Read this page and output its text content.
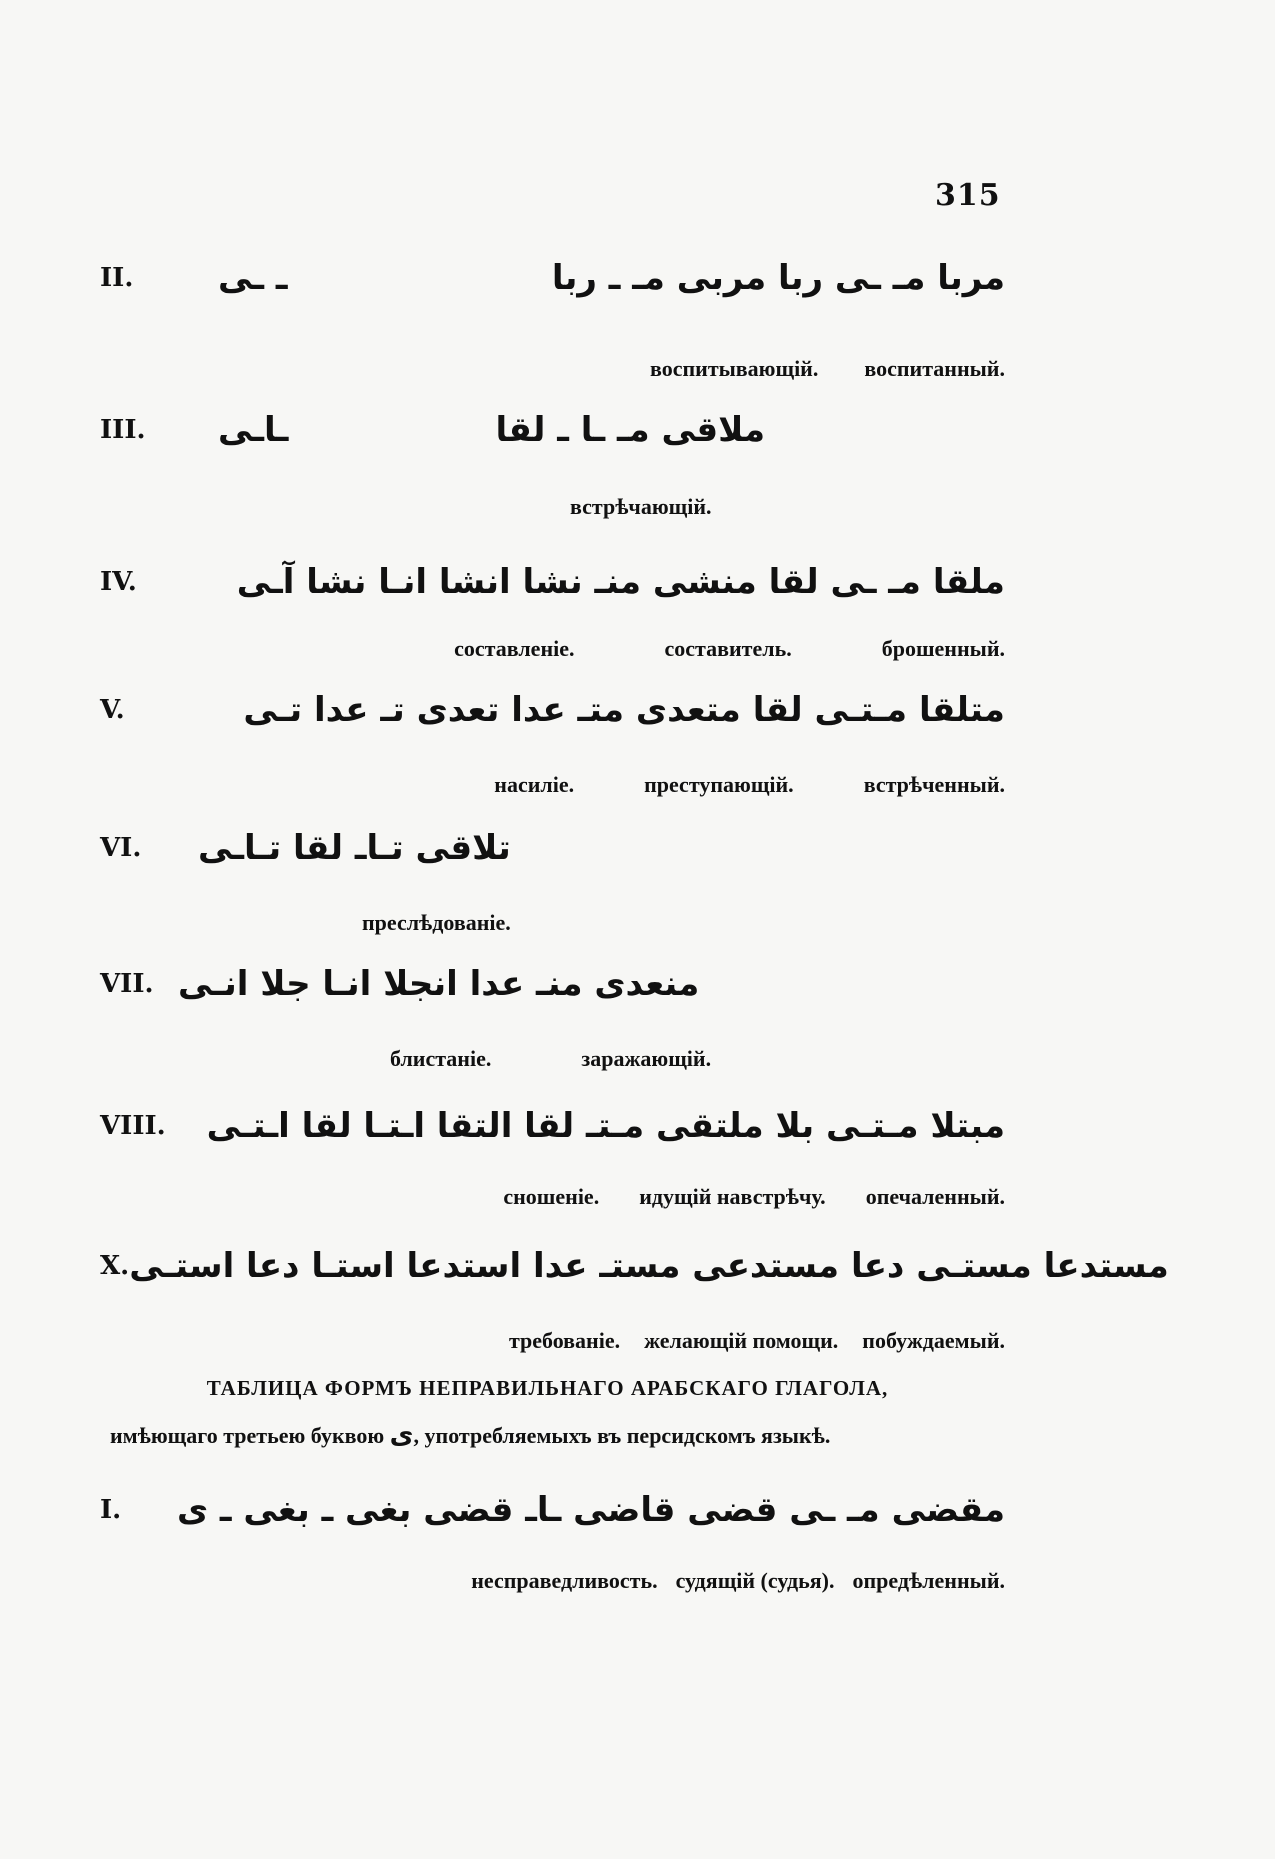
315
II.	ـ ـى	مربا مـ ـى ربا مربى مـ ـ ربا
воспитывающій. воспитанный.
III.	ـاـى	ملاقى مـ ـا ـ لقا
встрѣчающій.
IV.	ملقا مـ ـى لقا منشى منـ نشا انشا انـا نشا آـى
составленіе.	составитель.	брошенный.
V.	متلقا مـتـى لقا متعدى متـ عدا تعدى تـ عدا تـى
насиліе.	преступающій.	встрѣченный.
VI.	تلاقى تـاـ لقا تـاـى
преслѣдованіе.
VII. منعدى منـ عدا انجلا انـا جلا انـى
блистаніе.	заражающій.
VIII.	مبتلا مـتـى بلا ملتقى مـتـ لقا التقا اـتـا لقا اـتـى
сношеніе. идущій навстрѣчу. опечаленный.
X. مستدعا مستـى دعا مستدعى مستـ عدا استدعا استـا دعا استـى
требованіе. желающій помощи. побуждаемый.
ТАБЛИЦА ФОРМЪ НЕПРАВИЛЬНАГО АРАБСКАГО ГЛАГОЛА,
имѣющаго третьею буквою ى, употребляемыхъ въ персидскомъ языкѣ.
I.	مقضى مـ ـى قضى قاضى ـاـ قضى بغى ـ بغى ـ ى
несправедливость. судящій (судья). опредѣленный.
